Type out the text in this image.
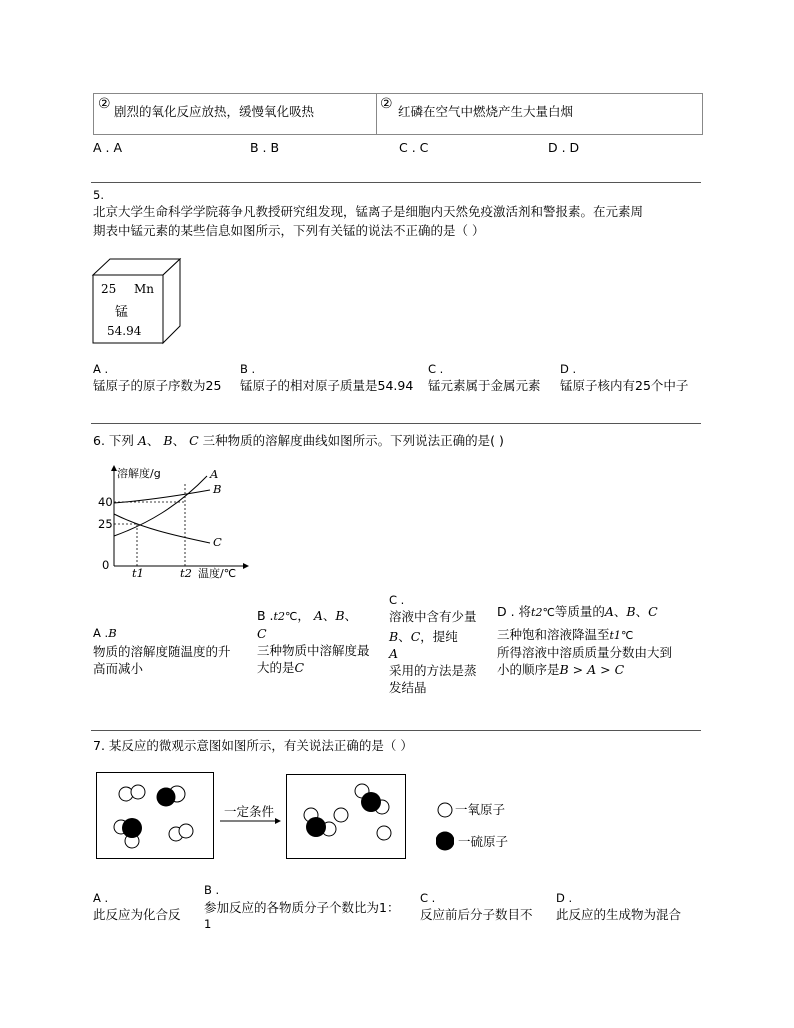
② 剧烈的氧化反应放热，缓慢氧化吸热	② 红磷在空气中燃烧产生大量白烟
A . A	B . B	C . C	D . D
5.
北京大学生命科学学院蒋争凡教授研究组发现，锰离子是细胞内天然免疫激活剂和警报素。在元素周
期表中锰元素的某些信息如图所示，下列有关锰的说法不正确的是（ ）
25 Mn
锰
54.94
A .
锰原子的原子序数为25
B .
锰原子的相对原子质量是54.94
C .
锰元素属于金属元素
D .
锰原子核内有25个中子
6. 下列 A、 B、 C 三种物质的溶解度曲线如图所示。下列说法正确的是( )
溶解度/g	A
B
C
40
25
0
t1	t2 温度/℃
A .B
物质的溶解度随温度的升
高而减小
B .t2℃， A、B、
C
三种物质中溶解度最
大的是C
C .
溶液中含有少量
B、C，提纯
A
采用的方法是蒸
发结晶
D . 将t2℃等质量的A、B、C
三种饱和溶液降温至t1℃
所得溶液中溶质质量分数由大到
小的顺序是B > A > C
7. 某反应的微观示意图如图所示，有关说法正确的是（ ）
一定条件	一氧原子
一硫原子
A .
此反应为化合反
B .
参加反应的各物质分子个数比为1：
1
C .
反应前后分子数目不
D .
此反应的生成物为混合
